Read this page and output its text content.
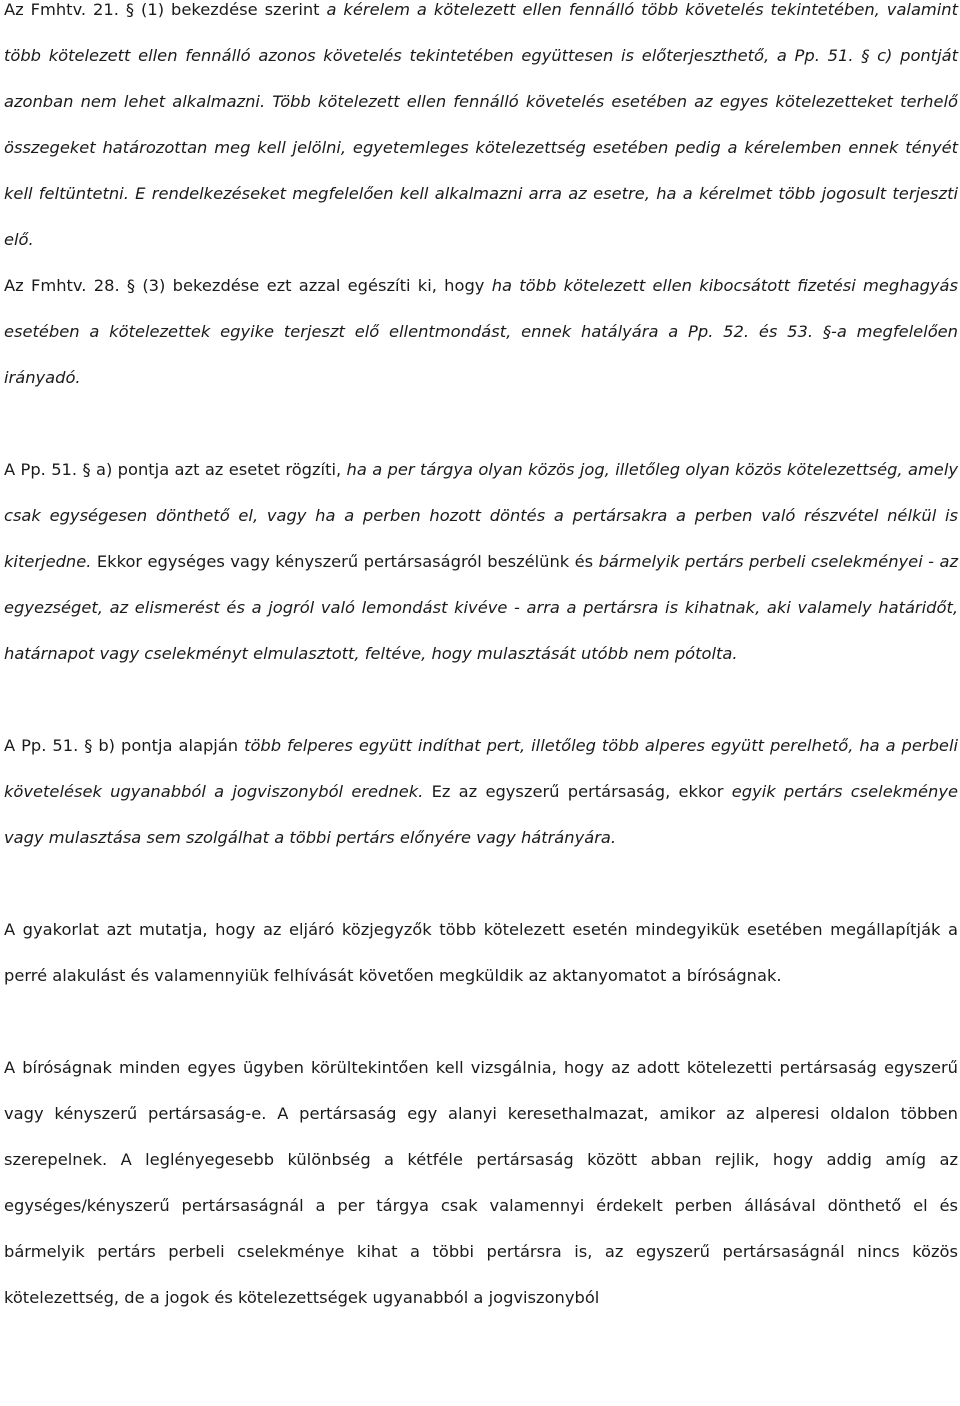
Az Fmhtv. 21. § (1) bekezdése szerint a kérelem a kötelezett ellen fennálló több követelés tekintetében, valamint több kötelezett ellen fennálló azonos követelés tekintetében együttesen is előterjeszthető, a Pp. 51. § c) pontját azonban nem lehet alkalmazni. Több kötelezett ellen fennálló követelés esetében az egyes kötelezetteket terhelő összegeket határozottan meg kell jelölni, egyetemleges kötelezettség esetében pedig a kérelemben ennek tényét kell feltüntetni. E rendelkezéseket megfelelően kell alkalmazni arra az esetre, ha a kérelmet több jogosult terjeszti elő.

Az Fmhtv. 28. § (3) bekezdése ezt azzal egészíti ki, hogy ha több kötelezett ellen kibocsátott fizetési meghagyás esetében a kötelezettek egyike terjeszt elő ellentmondást, ennek hatályára a Pp. 52. és 53. §-a megfelelően irányadó.

A Pp. 51. § a) pontja azt az esetet rögzíti, ha a per tárgya olyan közös jog, illetőleg olyan közös kötelezettség, amely csak egységesen dönthető el, vagy ha a perben hozott döntés a pertársakra a perben való részvétel nélkül is kiterjedne. Ekkor egységes vagy kényszerű pertársaságról beszélünk és bármelyik pertárs perbeli cselekményei - az egyezséget, az elismerést és a jogról való lemondást kivéve - arra a pertársra is kihatnak, aki valamely határidőt, határnapot vagy cselekményt elmulasztott, feltéve, hogy mulasztását utóbb nem pótolta.

A Pp. 51. § b) pontja alapján több felperes együtt indíthat pert, illetőleg több alperes együtt perelhető, ha a perbeli követelések ugyanabból a jogviszonyból erednek. Ez az egyszerű pertársaság, ekkor egyik pertárs cselekménye vagy mulasztása sem szolgálhat a többi pertárs előnyére vagy hátrányára.

A gyakorlat azt mutatja, hogy az eljáró közjegyzők több kötelezett esetén mindegyikük esetében megállapítják a perré alakulást és valamennyiük felhívását követően megküldik az aktanyomatot a bíróságnak.

A bíróságnak minden egyes ügyben körültekintően kell vizsgálnia, hogy az adott kötelezetti pertársaság egyszerű vagy kényszerű pertársaság-e. A pertársaság egy alanyi keresethalmazat, amikor az alperesi oldalon többen szerepelnek. A leglényegesebb különbség a kétféle pertársaság között abban rejlik, hogy addig amíg az egységes/kényszerű pertársaságnál a per tárgya csak valamennyi érdekelt perben állásával dönthető el és bármelyik pertárs perbeli cselekménye kihat a többi pertársra is, az egyszerű pertársaságnál nincs közös kötelezettség, de a jogok és kötelezettségek ugyanabból a jogviszonyból
